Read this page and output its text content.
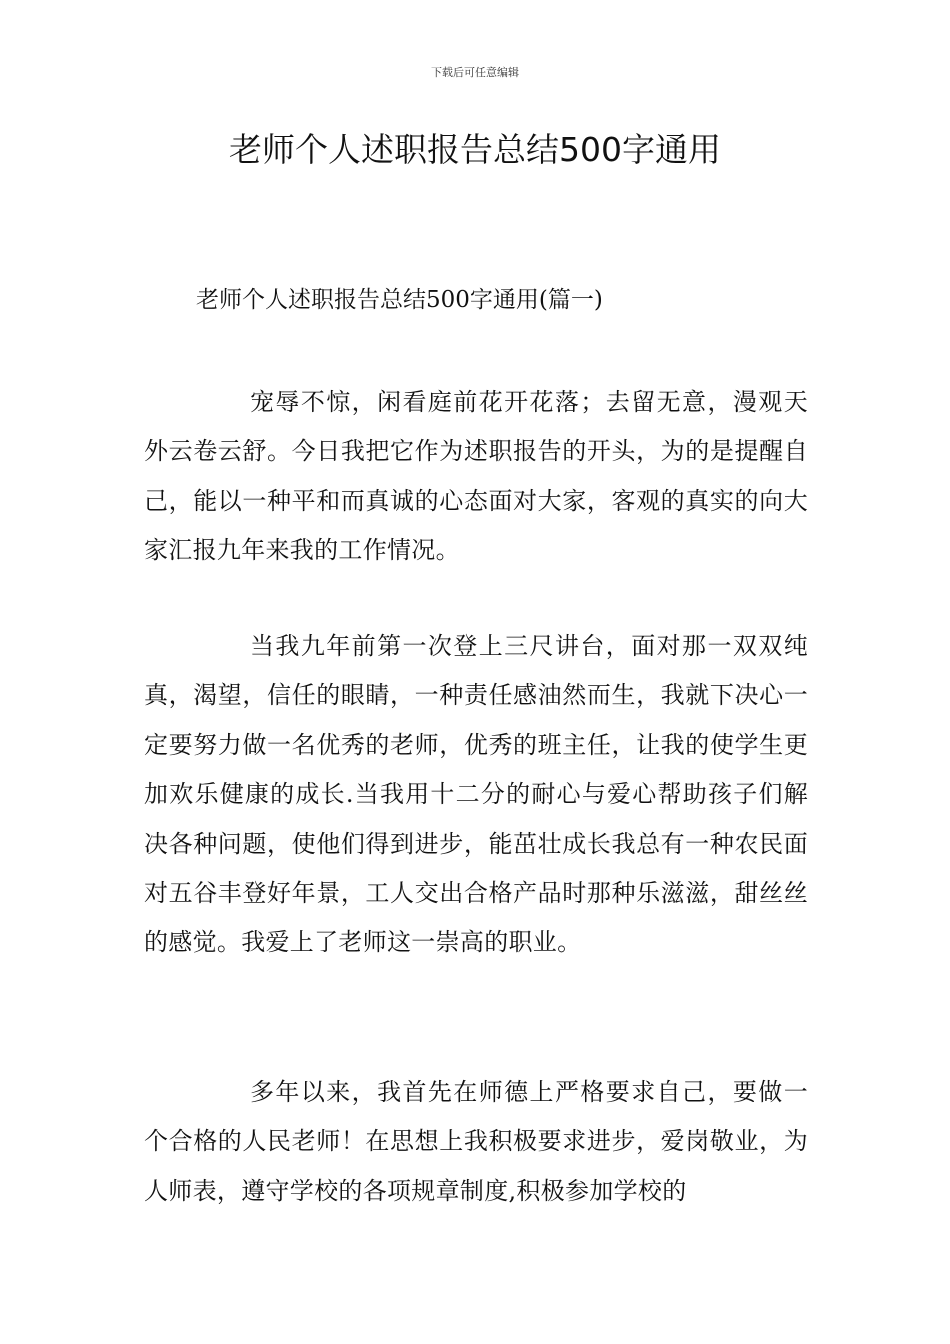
下载后可任意编辑
老师个人述职报告总结500字通用
老师个人述职报告总结500字通用(篇一)

宠辱不惊，闲看庭前花开花落；去留无意，漫观天外云卷云舒。今日我把它作为述职报告的开头，为的是提醒自己，能以一种平和而真诚的心态面对大家，客观的真实的向大家汇报九年来我的工作情况。

当我九年前第一次登上三尺讲台，面对那一双双纯真，渴望，信任的眼睛，一种责任感油然而生，我就下决心一定要努力做一名优秀的老师，优秀的班主任，让我的使学生更加欢乐健康的成长.当我用十二分的耐心与爱心帮助孩子们解决各种问题，使他们得到进步，能茁壮成长我总有一种农民面对五谷丰登好年景，工人交出合格产品时那种乐滋滋，甜丝丝的感觉。我爱上了老师这一崇高的职业。

多年以来，我首先在师德上严格要求自己，要做一个合格的人民老师！在思想上我积极要求进步，爱岗敬业，为人师表，遵守学校的各项规章制度,积极参加学校的
